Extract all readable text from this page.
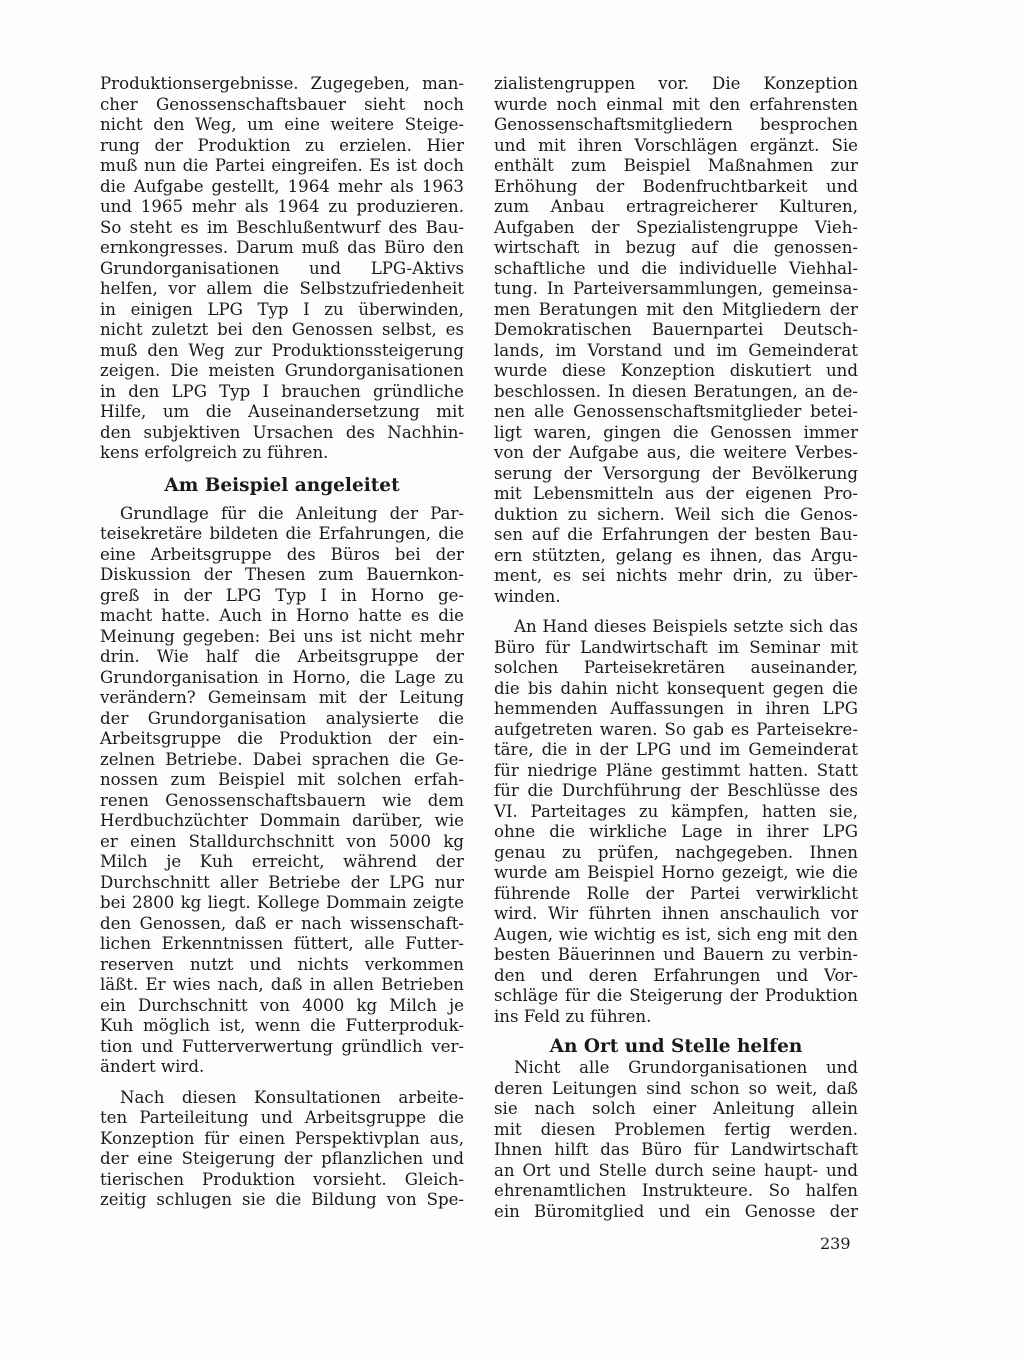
Produktionsergebnisse. Zugegeben, man-
cher Genossenschaftsbauer sieht noch
nicht den Weg, um eine weitere Steige-
rung der Produktion zu erzielen. Hier
muß nun die Partei eingreifen. Es ist doch
die Aufgabe gestellt, 1964 mehr als 1963
und 1965 mehr als 1964 zu produzieren.
So steht es im Beschlußentwurf des Bau-
ernkongresses. Darum muß das Büro den
Grundorganisationen und LPG-Aktivs
helfen, vor allem die Selbstzufriedenheit
in einigen LPG Typ I zu überwinden,
nicht zuletzt bei den Genossen selbst, es
muß den Weg zur Produktionssteigerung
zeigen. Die meisten Grundorganisationen
in den LPG Typ I brauchen gründliche
Hilfe, um die Auseinandersetzung mit
den subjektiven Ursachen des Nachhin-
kens erfolgreich zu führen.
Am Beispiel angeleitet
Grundlage für die Anleitung der Par-
teisekretäre bildeten die Erfahrungen, die
eine Arbeitsgruppe des Büros bei der
Diskussion der Thesen zum Bauernkon-
greß in der LPG Typ I in Horno ge-
macht hatte. Auch in Horno hatte es die
Meinung gegeben: Bei uns ist nicht mehr
drin. Wie half die Arbeitsgruppe der
Grundorganisation in Horno, die Lage zu
verändern? Gemeinsam mit der Leitung
der Grundorganisation analysierte die
Arbeitsgruppe die Produktion der ein-
zelnen Betriebe. Dabei sprachen die Ge-
nossen zum Beispiel mit solchen erfah-
renen Genossenschaftsbauern wie dem
Herdbuchzüchter Dommain darüber, wie
er einen Stalldurchschnitt von 5000 kg
Milch je Kuh erreicht, während der
Durchschnitt aller Betriebe der LPG nur
bei 2800 kg liegt. Kollege Dommain zeigte
den Genossen, daß er nach wissenschaft-
lichen Erkenntnissen füttert, alle Futter-
reserven nutzt und nichts verkommen
läßt. Er wies nach, daß in allen Betrieben
ein Durchschnitt von 4000 kg Milch je
Kuh möglich ist, wenn die Futterproduk-
tion und Futterverwertung gründlich ver-
ändert wird.
Nach diesen Konsultationen arbeite-
ten Parteileitung und Arbeitsgruppe die
Konzeption für einen Perspektivplan aus,
der eine Steigerung der pflanzlichen und
tierischen Produktion vorsieht. Gleich-
zeitig schlugen sie die Bildung von Spe-
zialistengruppen vor. Die Konzeption
wurde noch einmal mit den erfahrensten
Genossenschaftsmitgliedern besprochen
und mit ihren Vorschlägen ergänzt. Sie
enthält zum Beispiel Maßnahmen zur
Erhöhung der Bodenfruchtbarkeit und
zum Anbau ertragreicherer Kulturen,
Aufgaben der Spezialistengruppe Vieh-
wirtschaft in bezug auf die genossen-
schaftliche und die individuelle Viehhal-
tung. In Parteiversammlungen, gemeinsa-
men Beratungen mit den Mitgliedern der
Demokratischen Bauernpartei Deutsch-
lands, im Vorstand und im Gemeinderat
wurde diese Konzeption diskutiert und
beschlossen. In diesen Beratungen, an de-
nen alle Genossenschaftsmitglieder betei-
ligt waren, gingen die Genossen immer
von der Aufgabe aus, die weitere Verbes-
serung der Versorgung der Bevölkerung
mit Lebensmitteln aus der eigenen Pro-
duktion zu sichern. Weil sich die Genos-
sen auf die Erfahrungen der besten Bau-
ern stützten, gelang es ihnen, das Argu-
ment, es sei nichts mehr drin, zu über-
winden.
An Hand dieses Beispiels setzte sich das
Büro für Landwirtschaft im Seminar mit
solchen Parteisekretären auseinander,
die bis dahin nicht konsequent gegen die
hemmenden Auffassungen in ihren LPG
aufgetreten waren. So gab es Parteisekre-
täre, die in der LPG und im Gemeinderat
für niedrige Pläne gestimmt hatten. Statt
für die Durchführung der Beschlüsse des
VI. Parteitages zu kämpfen, hatten sie,
ohne die wirkliche Lage in ihrer LPG
genau zu prüfen, nachgegeben. Ihnen
wurde am Beispiel Horno gezeigt, wie die
führende Rolle der Partei verwirklicht
wird. Wir führten ihnen anschaulich vor
Augen, wie wichtig es ist, sich eng mit den
besten Bäuerinnen und Bauern zu verbin-
den und deren Erfahrungen und Vor-
schläge für die Steigerung der Produktion
ins Feld zu führen.
An Ort und Stelle helfen
Nicht alle Grundorganisationen und
deren Leitungen sind schon so weit, daß
sie nach solch einer Anleitung allein
mit diesen Problemen fertig werden.
Ihnen hilft das Büro für Landwirtschaft
an Ort und Stelle durch seine haupt- und
ehrenamtlichen Instrukteure. So halfen
ein Büromitglied und ein Genosse der
239
